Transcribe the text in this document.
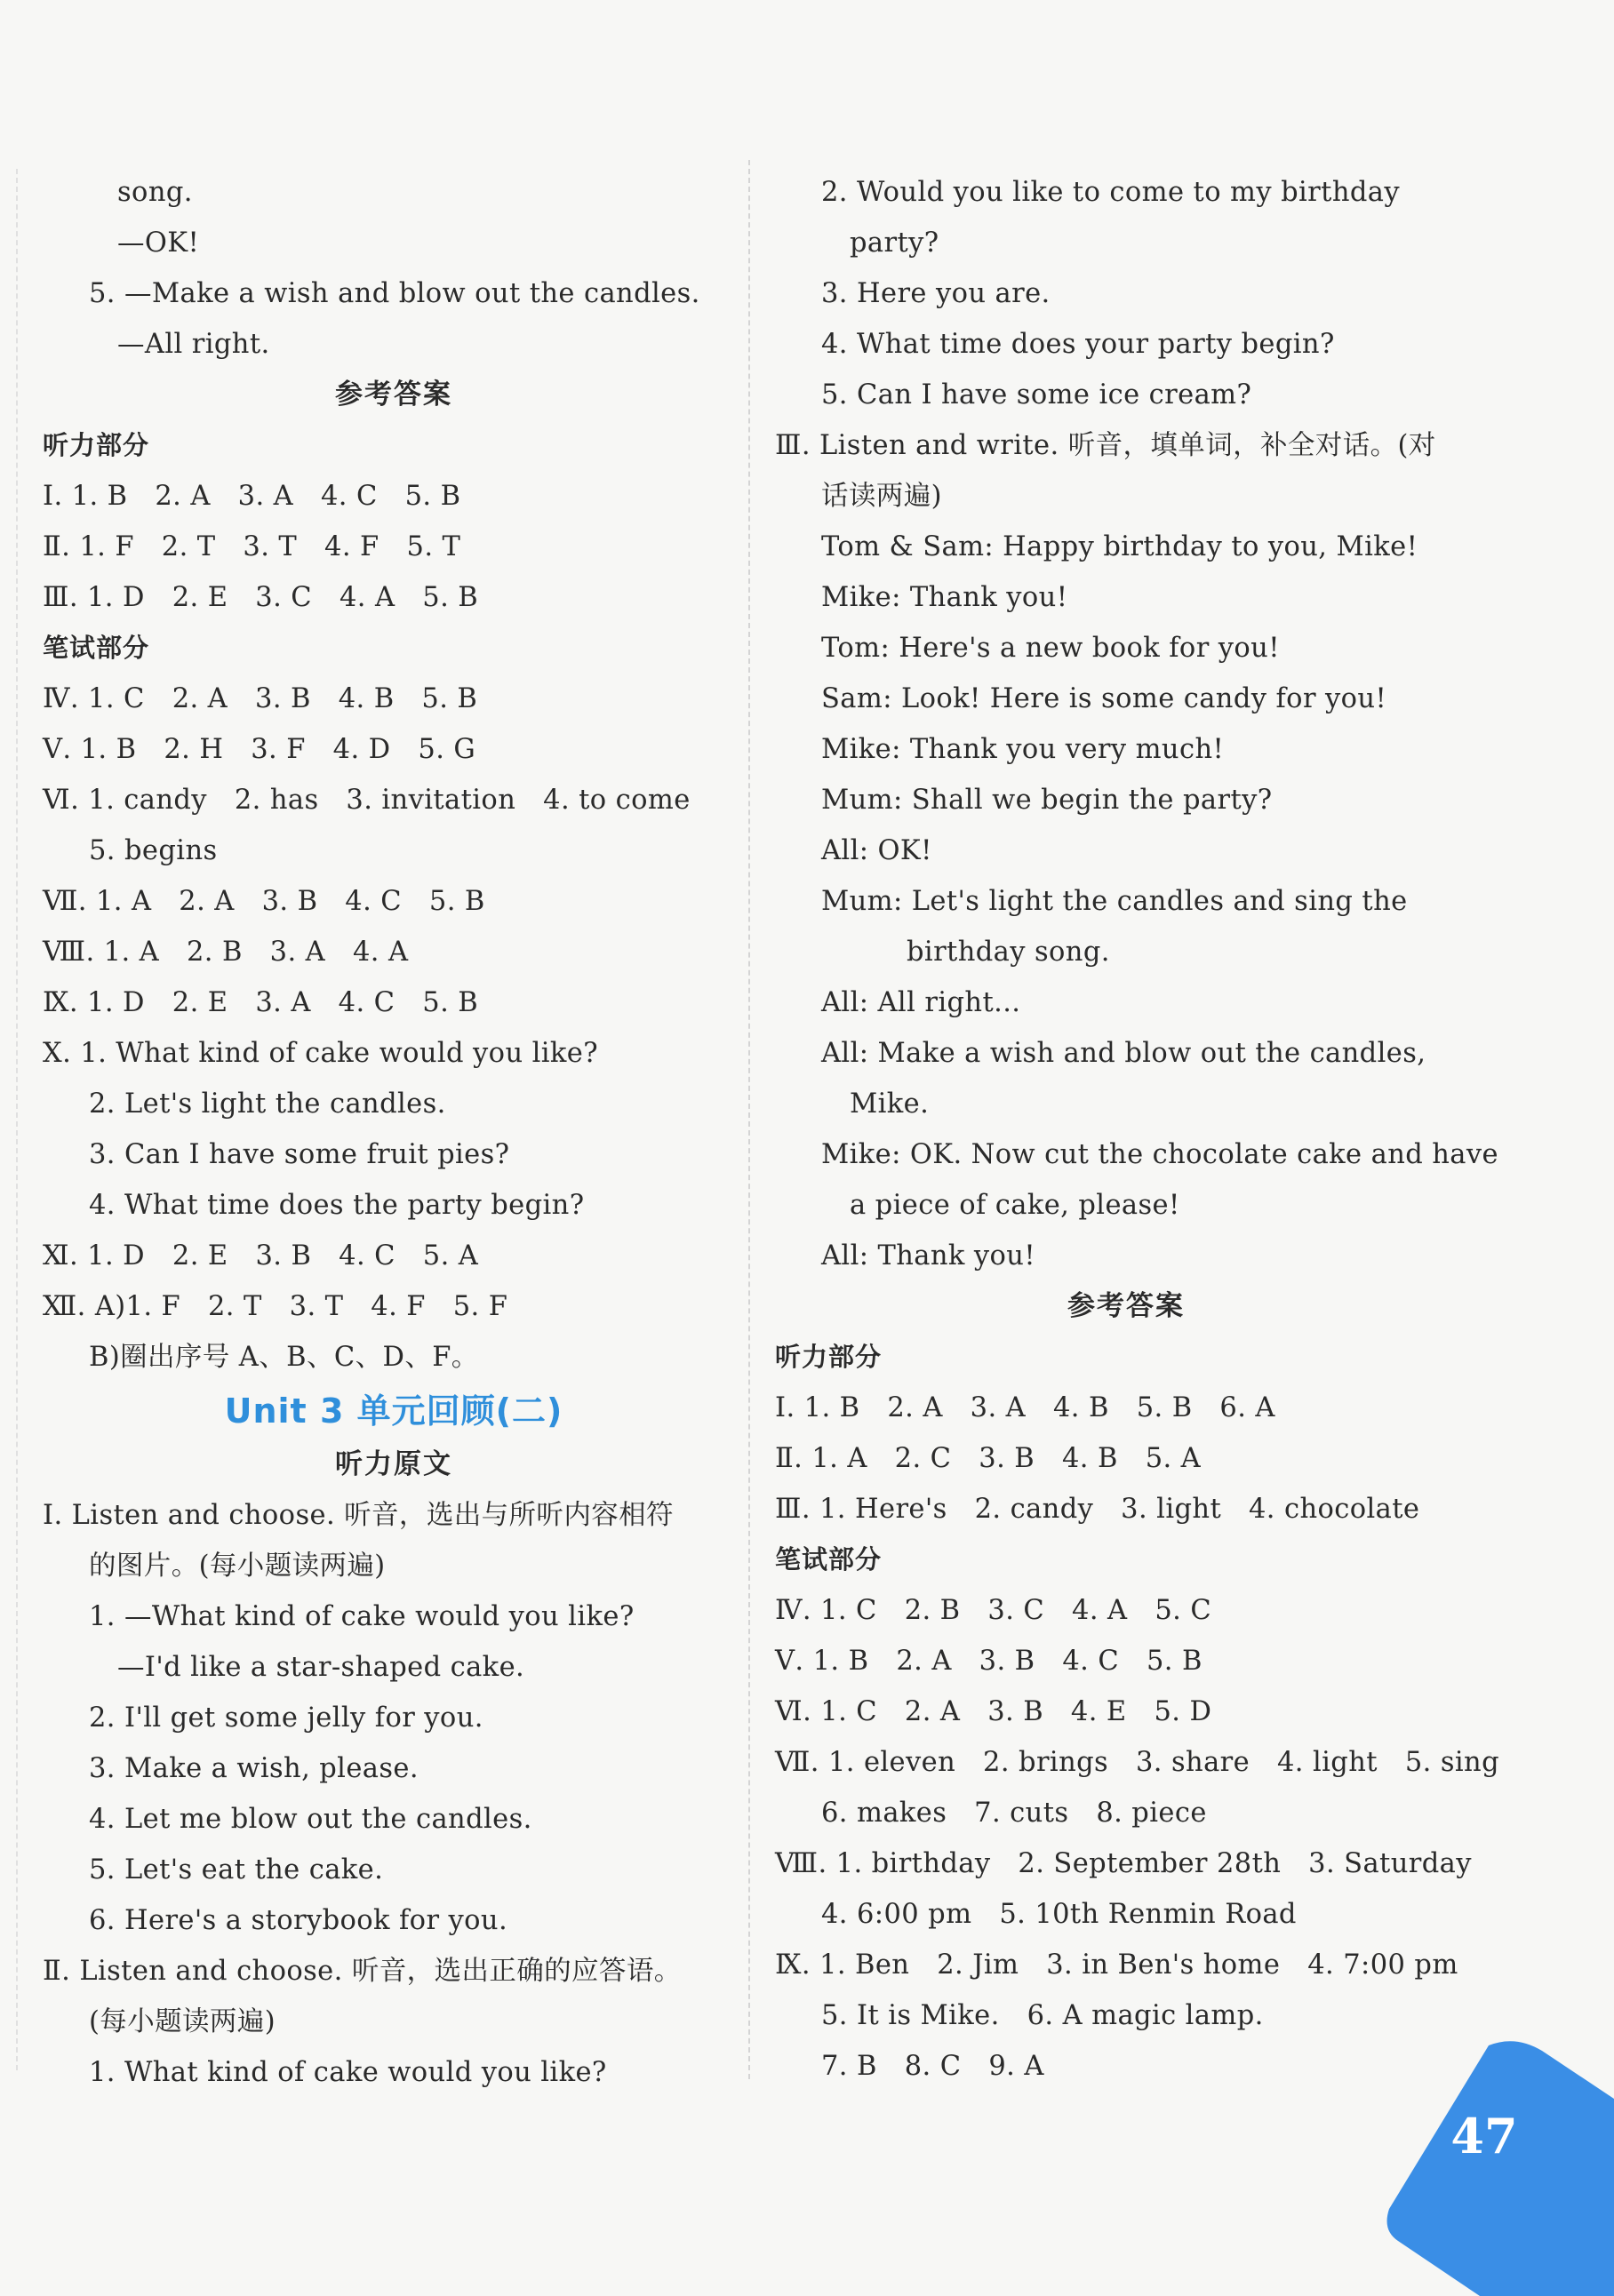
song.
—OK!
5. —Make a wish and blow out the candles.
—All right.
参考答案
听力部分
Ⅰ. 1. B　2. A　3. A　4. C　5. B
Ⅱ. 1. F　2. T　3. T　4. F　5. T
Ⅲ. 1. D　2. E　3. C　4. A　5. B
笔试部分
Ⅳ. 1. C　2. A　3. B　4. B　5. B
Ⅴ. 1. B　2. H　3. F　4. D　5. G
Ⅵ. 1. candy　2. has　3. invitation　4. to come
5. begins
Ⅶ. 1. A　2. A　3. B　4. C　5. B
Ⅷ. 1. A　2. B　3. A　4. A
Ⅸ. 1. D　2. E　3. A　4. C　5. B
Ⅹ. 1. What kind of cake would you like?
2. Let's light the candles.
3. Can I have some fruit pies?
4. What time does the party begin?
Ⅺ. 1. D　2. E　3. B　4. C　5. A
Ⅻ. A)1. F　2. T　3. T　4. F　5. F
B)圈出序号 A、B、C、D、F。
Unit 3 单元回顾(二)
听力原文
Ⅰ. Listen and choose. 听音，选出与所听内容相符
的图片。(每小题读两遍)
1. —What kind of cake would you like?
—I'd like a star-shaped cake.
2. I'll get some jelly for you.
3. Make a wish, please.
4. Let me blow out the candles.
5. Let's eat the cake.
6. Here's a storybook for you.
Ⅱ. Listen and choose. 听音，选出正确的应答语。
(每小题读两遍)
1. What kind of cake would you like?
2. Would you like to come to my birthday
party?
3. Here you are.
4. What time does your party begin?
5. Can I have some ice cream?
Ⅲ. Listen and write. 听音，填单词，补全对话。(对
话读两遍)
Tom & Sam: Happy birthday to you, Mike!
Mike: Thank you!
Tom: Here's a new book for you!
Sam: Look! Here is some candy for you!
Mike: Thank you very much!
Mum: Shall we begin the party?
All: OK!
Mum: Let's light the candles and sing the
birthday song.
All: All right...
All: Make a wish and blow out the candles,
Mike.
Mike: OK. Now cut the chocolate cake and have
a piece of cake, please!
All: Thank you!
参考答案
听力部分
Ⅰ. 1. B　2. A　3. A　4. B　5. B　6. A
Ⅱ. 1. A　2. C　3. B　4. B　5. A
Ⅲ. 1. Here's　2. candy　3. light　4. chocolate
笔试部分
Ⅳ. 1. C　2. B　3. C　4. A　5. C
Ⅴ. 1. B　2. A　3. B　4. C　5. B
Ⅵ. 1. C　2. A　3. B　4. E　5. D
Ⅶ. 1. eleven　2. brings　3. share　4. light　5. sing
6. makes　7. cuts　8. piece
Ⅷ. 1. birthday　2. September 28th　3. Saturday
4. 6:00 pm　5. 10th Renmin Road
Ⅸ. 1. Ben　2. Jim　3. in Ben's home　4. 7:00 pm
5. It is Mike.　6. A magic lamp.
7. B　8. C　9. A
47
